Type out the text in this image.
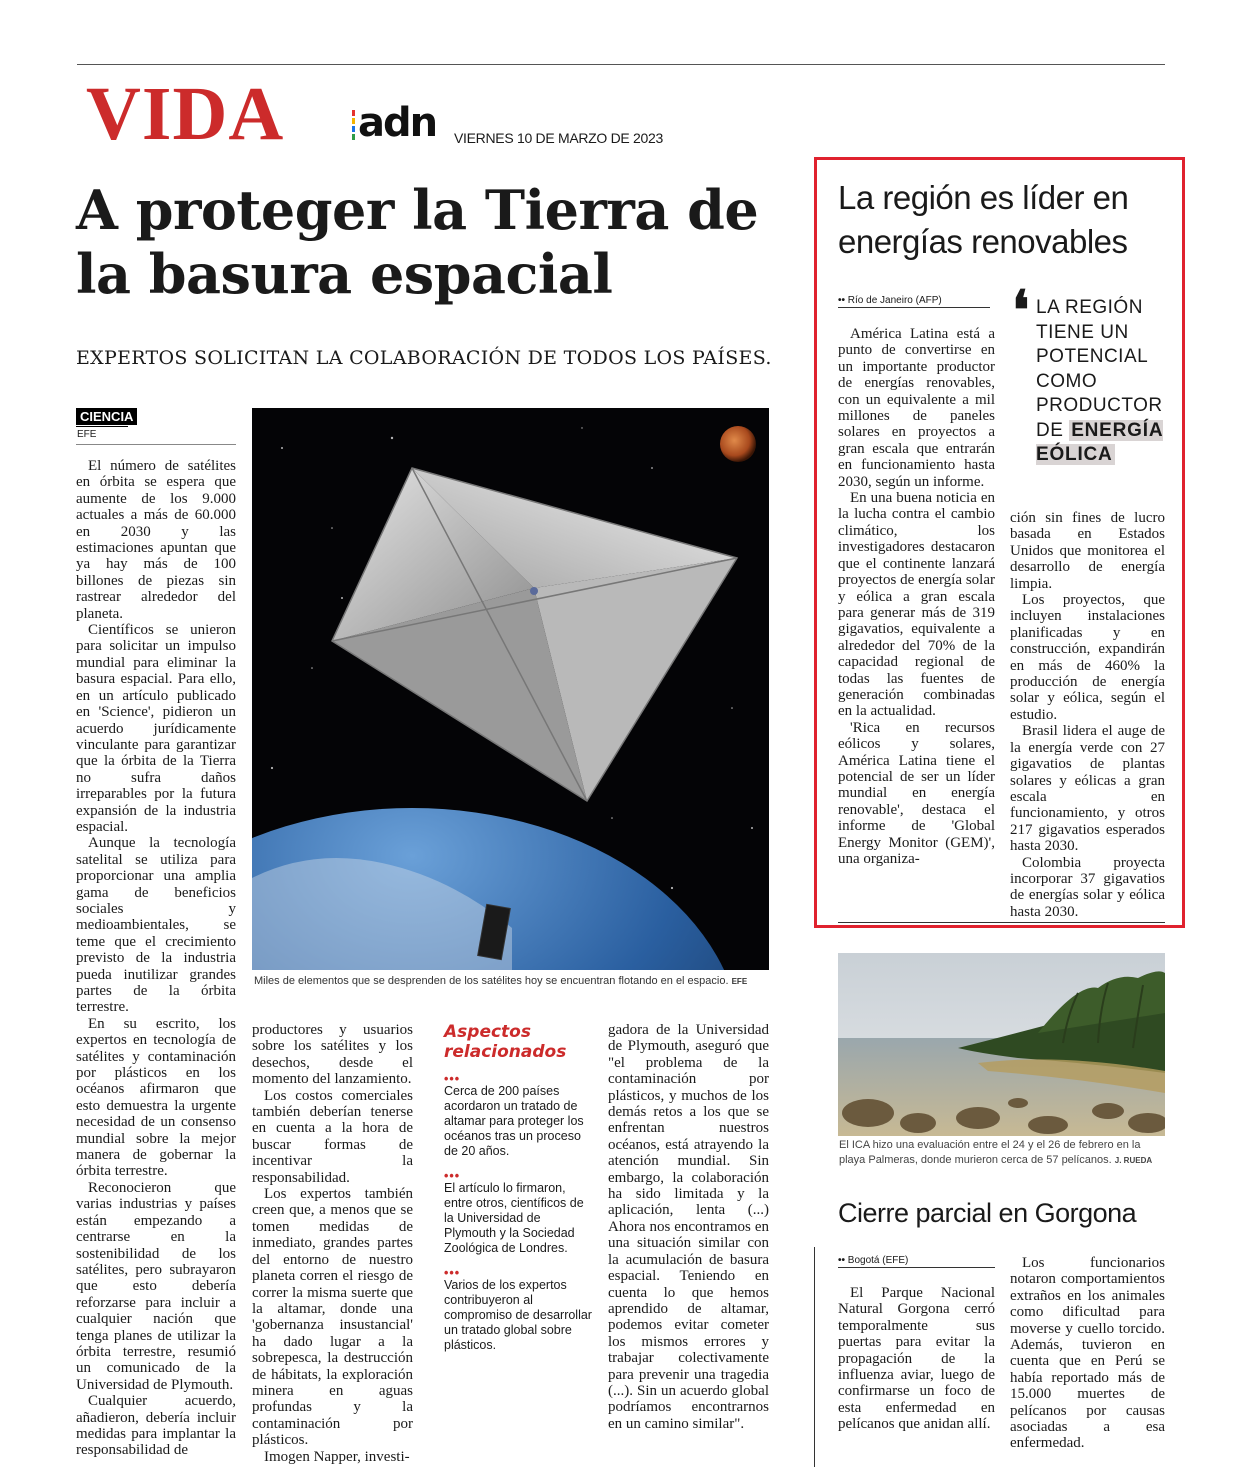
VIDA adn VIERNES 10 DE MARZO DE 2023
A proteger la Tierra de la basura espacial
EXPERTOS SOLICITAN LA COLABORACIÓN DE TODOS LOS PAÍSES.
CIENCIA
EFE

El número de satélites en órbita se espera que aumente de los 9.000 actuales a más de 60.000 en 2030 y las estimaciones apuntan que ya hay más de 100 billones de piezas sin rastrear alrededor del planeta.

Científicos se unieron para solicitar un impulso mundial para eliminar la basura espacial. Para ello, en un artículo publicado en 'Science', pidieron un acuerdo jurídicamente vinculante para garantizar que la órbita de la Tierra no sufra daños irreparables por la futura expansión de la industria espacial.

Aunque la tecnología satelital se utiliza para proporcionar una amplia gama de beneficios sociales y medioambientales, se teme que el crecimiento previsto de la industria pueda inutilizar grandes partes de la órbita terrestre.

En su escrito, los expertos en tecnología de satélites y contaminación por plásticos en los océanos afirmaron que esto demuestra la urgente necesidad de un consenso mundial sobre la mejor manera de gobernar la órbita terrestre.

Reconocieron que varias industrias y países están empezando a centrarse en la sostenibilidad de los satélites, pero subrayaron que esto debería reforzarse para incluir a cualquier nación que tenga planes de utilizar la órbita terrestre, resumió un comunicado de la Universidad de Plymouth.

Cualquier acuerdo, añadieron, debería incluir medidas para implantar la responsabilidad de

Miles de elementos que se desprenden de los satélites hoy se encuentran flotando en el espacio. EFE

productores y usuarios sobre los satélites y los desechos, desde el momento del lanzamiento.

Los costos comerciales también deberían tenerse en cuenta a la hora de buscar formas de incentivar la responsabilidad.

Los expertos también creen que, a menos que se tomen medidas de inmediato, grandes partes del entorno de nuestro planeta corren el riesgo de correr la misma suerte que la altamar, donde una 'gobernanza insustancial' ha dado lugar a la sobrepesca, la destrucción de hábitats, la exploración minera en aguas profundas y la contaminación por plásticos.

Imogen Napper, investi-

Aspectos relacionados
•••
Cerca de 200 países acordaron un tratado de altamar para proteger los océanos tras un proceso de 20 años.
•••
El artículo lo firmaron, entre otros, científicos de la Universidad de Plymouth y la Sociedad Zoológica de Londres.
•••
Varios de los expertos contribuyeron al compromiso de desarrollar un tratado global sobre plásticos.

gadora de la Universidad de Plymouth, aseguró que "el problema de la contaminación por plásticos, y muchos de los demás retos a los que se enfrentan nuestros océanos, está atrayendo la atención mundial. Sin embargo, la colaboración ha sido limitada y la aplicación, lenta (...) Ahora nos encontramos en una situación similar con la acumulación de basura espacial. Teniendo en cuenta lo que hemos aprendido de altamar, podemos evitar cometer los mismos errores y trabajar colectivamente para prevenir una tragedia (...). Sin un acuerdo global podríamos encontrarnos en un camino similar".

La región es líder en energías renovables
•• Río de Janeiro (AFP) ❛ LA REGIÓN TIENE UN POTENCIAL COMO PRODUCTOR DE ENERGÍA EÓLICA

América Latina está a punto de convertirse en un importante productor de energías renovables, con un equivalente a mil millones de paneles solares en proyectos a gran escala que entrarán en funcionamiento hasta 2030, según un informe.

En una buena noticia en la lucha contra el cambio climático, los investigadores destacaron que el continente lanzará proyectos de energía solar y eólica a gran escala para generar más de 319 gigavatios, equivalente a alrededor del 70% de la capacidad regional de todas las fuentes de generación combinadas en la actualidad.

'Rica en recursos eólicos y solares, América Latina tiene el potencial de ser un líder mundial en energía renovable', destaca el informe de 'Global Energy Monitor (GEM)', una organiza-

ción sin fines de lucro basada en Estados Unidos que monitorea el desarrollo de energía limpia.

Los proyectos, que incluyen instalaciones planificadas y en construcción, expandirán en más de 460% la producción de energía solar y eólica, según el estudio.

Brasil lidera el auge de la energía verde con 27 gigavatios de plantas solares y eólicas a gran escala en funcionamiento, y otros 217 gigavatios esperados hasta 2030.

Colombia proyecta incorporar 37 gigavatios de energías solar y eólica hasta 2030.

El ICA hizo una evaluación entre el 24 y el 26 de febrero en la playa Palmeras, donde murieron cerca de 57 pelícanos. J. RUEDA
Cierre parcial en Gorgona
•• Bogotá (EFE)

El Parque Nacional Natural Gorgona cerró temporalmente sus puertas para evitar la propagación de la influenza aviar, luego de confirmarse un foco de esta enfermedad en pelícanos que anidan allí.

Los funcionarios notaron comportamientos extraños en los animales como dificultad para moverse y cuello torcido. Además, tuvieron en cuenta que en Perú se había reportado más de 15.000 muertes de pelícanos por causas asociadas a esa enfermedad.
